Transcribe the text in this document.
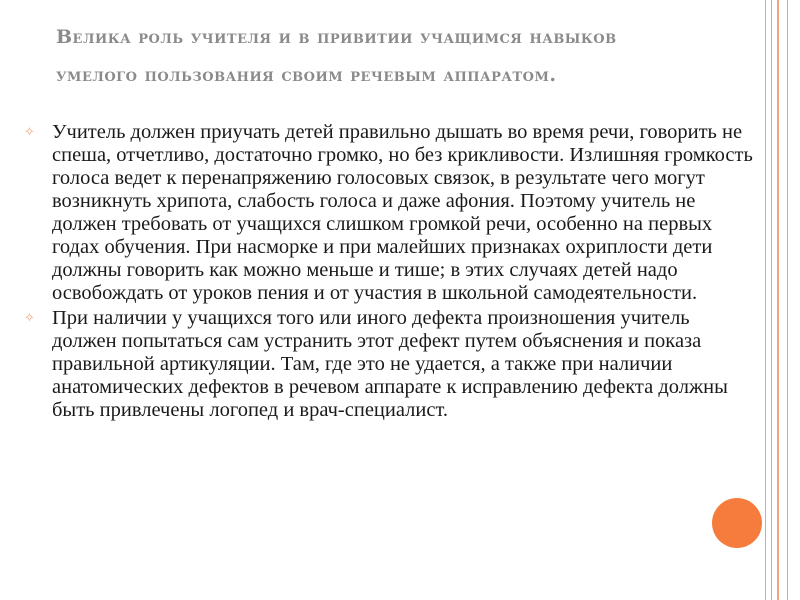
Велика роль учителя и в привитии учащимся навыков умелого пользования своим речевым аппаратом.
✧ Учитель должен приучать детей правильно дышать во время речи, говорить не спеша, отчетливо, достаточно громко, но без крикливости. Излишняя громкость голоса ведет к перенапряжению голосовых связок, в результате чего могут возникнуть хрипота, слабость голоса и даже афония. Поэтому учитель не должен требовать от учащихся слишком громкой речи, особенно на первых годах обучения. При насморке и при малейших признаках охриплости дети должны говорить как можно меньше и тише; в этих случаях детей надо освобождать от уроков пения и от участия в школьной самодеятельности.
✧ При наличии у учащихся того или иного дефекта произношения учитель должен попытаться сам устранить этот дефект путем объяснения и показа правильной артикуляции. Там, где это не удается, а также при наличии анатомических дефектов в речевом аппарате к исправлению дефекта должны быть привлечены логопед и врач-специалист.
